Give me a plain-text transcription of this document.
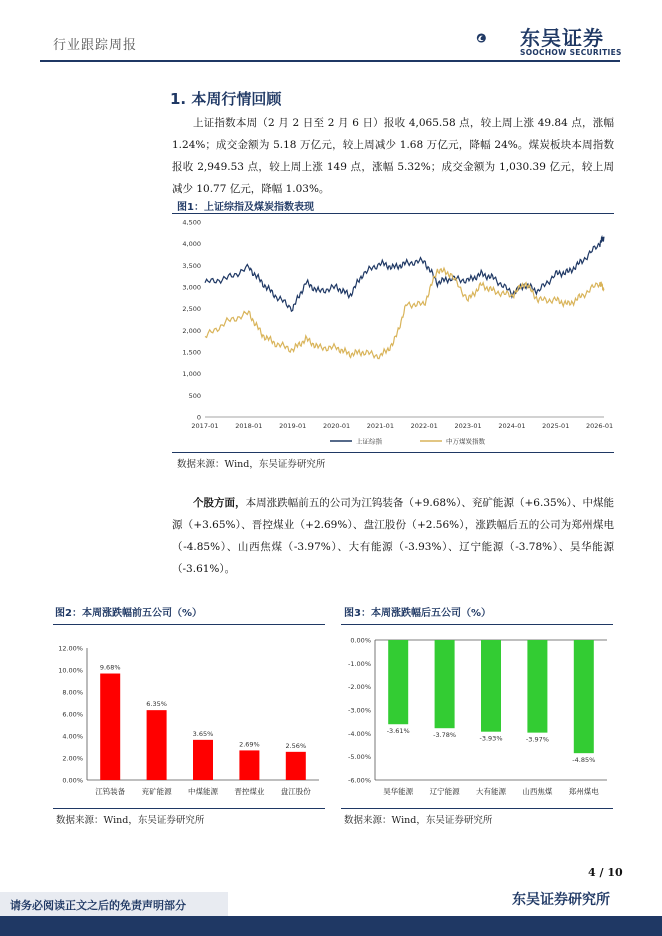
行业跟踪周报	东吴证券
SOOCHOW SECURITIES
1. 本周行情回顾
上证指数本周（2 月 2 日至 2 月 6 日）报收 4,065.58 点，较上周上涨 49.84 点，涨幅 1.24%；成交金额为 5.18 万亿元，较上周减少 1.68 万亿元，降幅 24%。煤炭板块本周指数报收 2,949.53 点，较上周上涨 149 点，涨幅 5.32%；成交金额为 1,030.39 亿元，较上周减少 10.77 亿元，降幅 1.03%。
图1：上证综指及煤炭指数表现
4,500
4,000
3,500
3,000
2,500
2,000
1,500
1,000
500
0
2017-01	2018-01	2019-01	2020-01	2021-01	2022-01	2023-01	2024-01	2025-01	2026-01
上证综指	中万煤炭指数
数据来源：Wind，东吴证券研究所
个股方面，本周涨跌幅前五的公司为江钨装备（+9.68%）、兖矿能源（+6.35%）、中煤能源（+3.65%）、晋控煤业（+2.69%）、盘江股份（+2.56%），涨跌幅后五的公司为郑州煤电（-4.85%）、山西焦煤（-3.97%）、大有能源（-3.93%）、辽宁能源（-3.78%）、昊华能源（-3.61%）。
图2：本周涨跌幅前五公司（%）
12.00%
10.00%
8.00%
6.00%
4.00%
2.00%
0.00%
9.68%
江钨装备
6.35%
兖矿能源
3.65%
中煤能源
2.69%
晋控煤业
2.56%
盘江股份
数据来源：Wind，东吴证券研究所
图3：本周涨跌幅后五公司（%）
0.00%
-1.00%
-2.00%
-3.00%
-4.00%
-5.00%
-6.00%
-3.61%
昊华能源
-3.78%
辽宁能源
-3.93%
大有能源
-3.97%
山西焦煤
-4.85%
郑州煤电
数据来源：Wind，东吴证券研究所
4 / 10
请务必阅读正文之后的免责声明部分	东吴证券研究所
